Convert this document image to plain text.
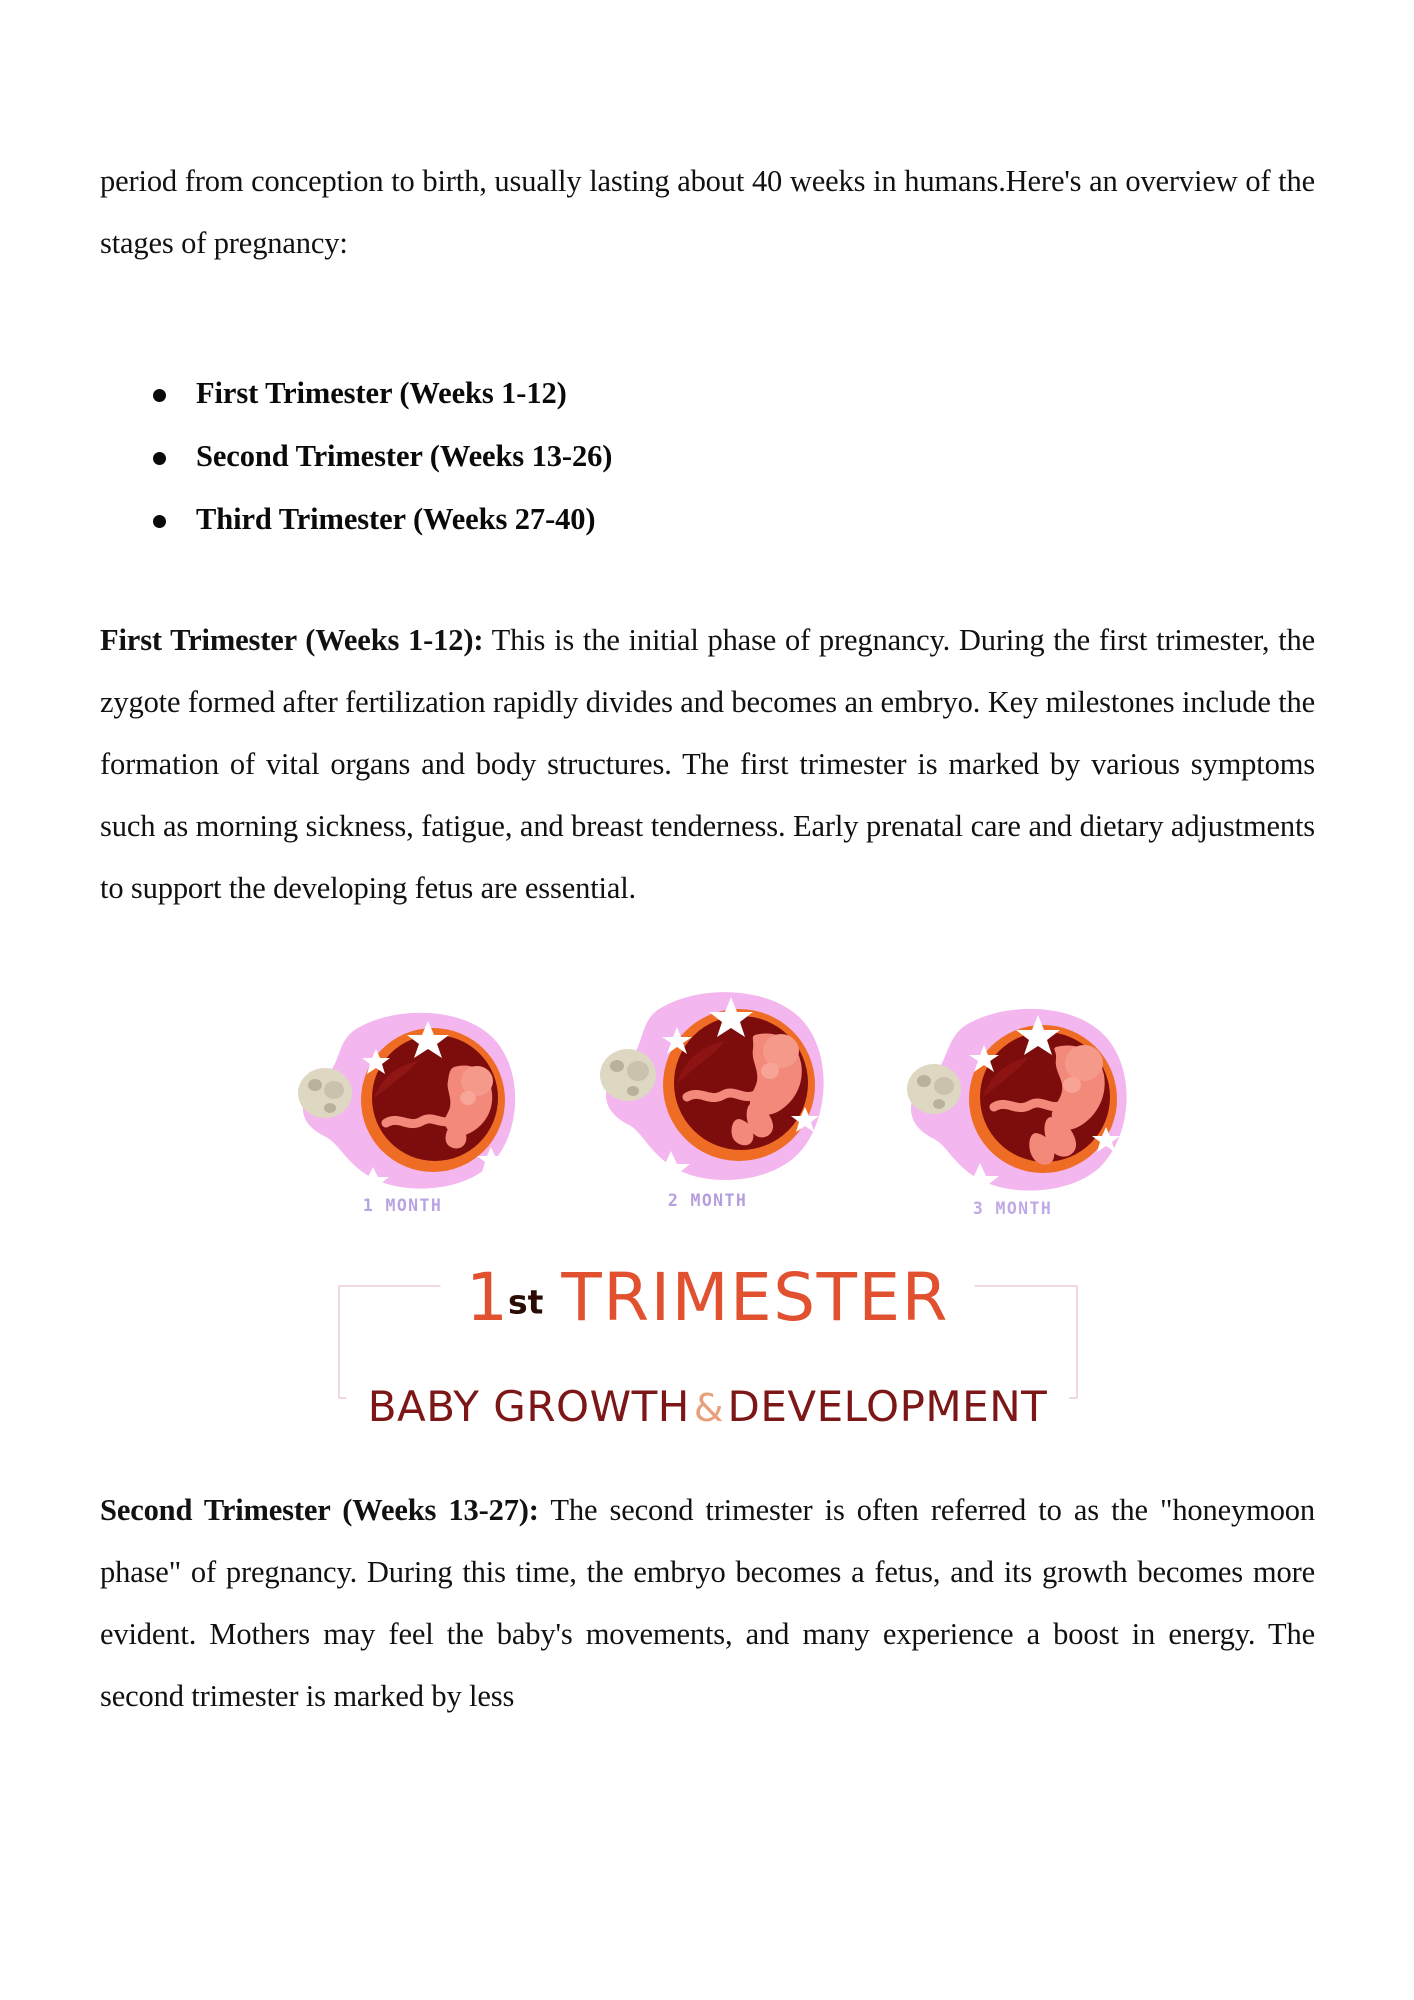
period from conception to birth, usually lasting about 40 weeks in humans.Here's an overview of the stages of pregnancy:

First Trimester (Weeks 1-12)
Second Trimester (Weeks 13-26)
Third Trimester (Weeks 27-40)

First Trimester (Weeks 1-12): This is the initial phase of pregnancy. During the first trimester, the zygote formed after fertilization rapidly divides and becomes an embryo. Key milestones include the formation of vital organs and body structures. The first trimester is marked by various symptoms such as morning sickness, fatigue, and breast tenderness. Early prenatal care and dietary adjustments to support the developing fetus are essential.

1 MONTH	2 MONTH	3 MONTH
1st TRIMESTER
BABY GROWTH & DEVELOPMENT

Second Trimester (Weeks 13-27): The second trimester is often referred to as the "honeymoon phase" of pregnancy. During this time, the embryo becomes a fetus, and its growth becomes more evident. Mothers may feel the baby's movements, and many experience a boost in energy. The second trimester is marked by less
